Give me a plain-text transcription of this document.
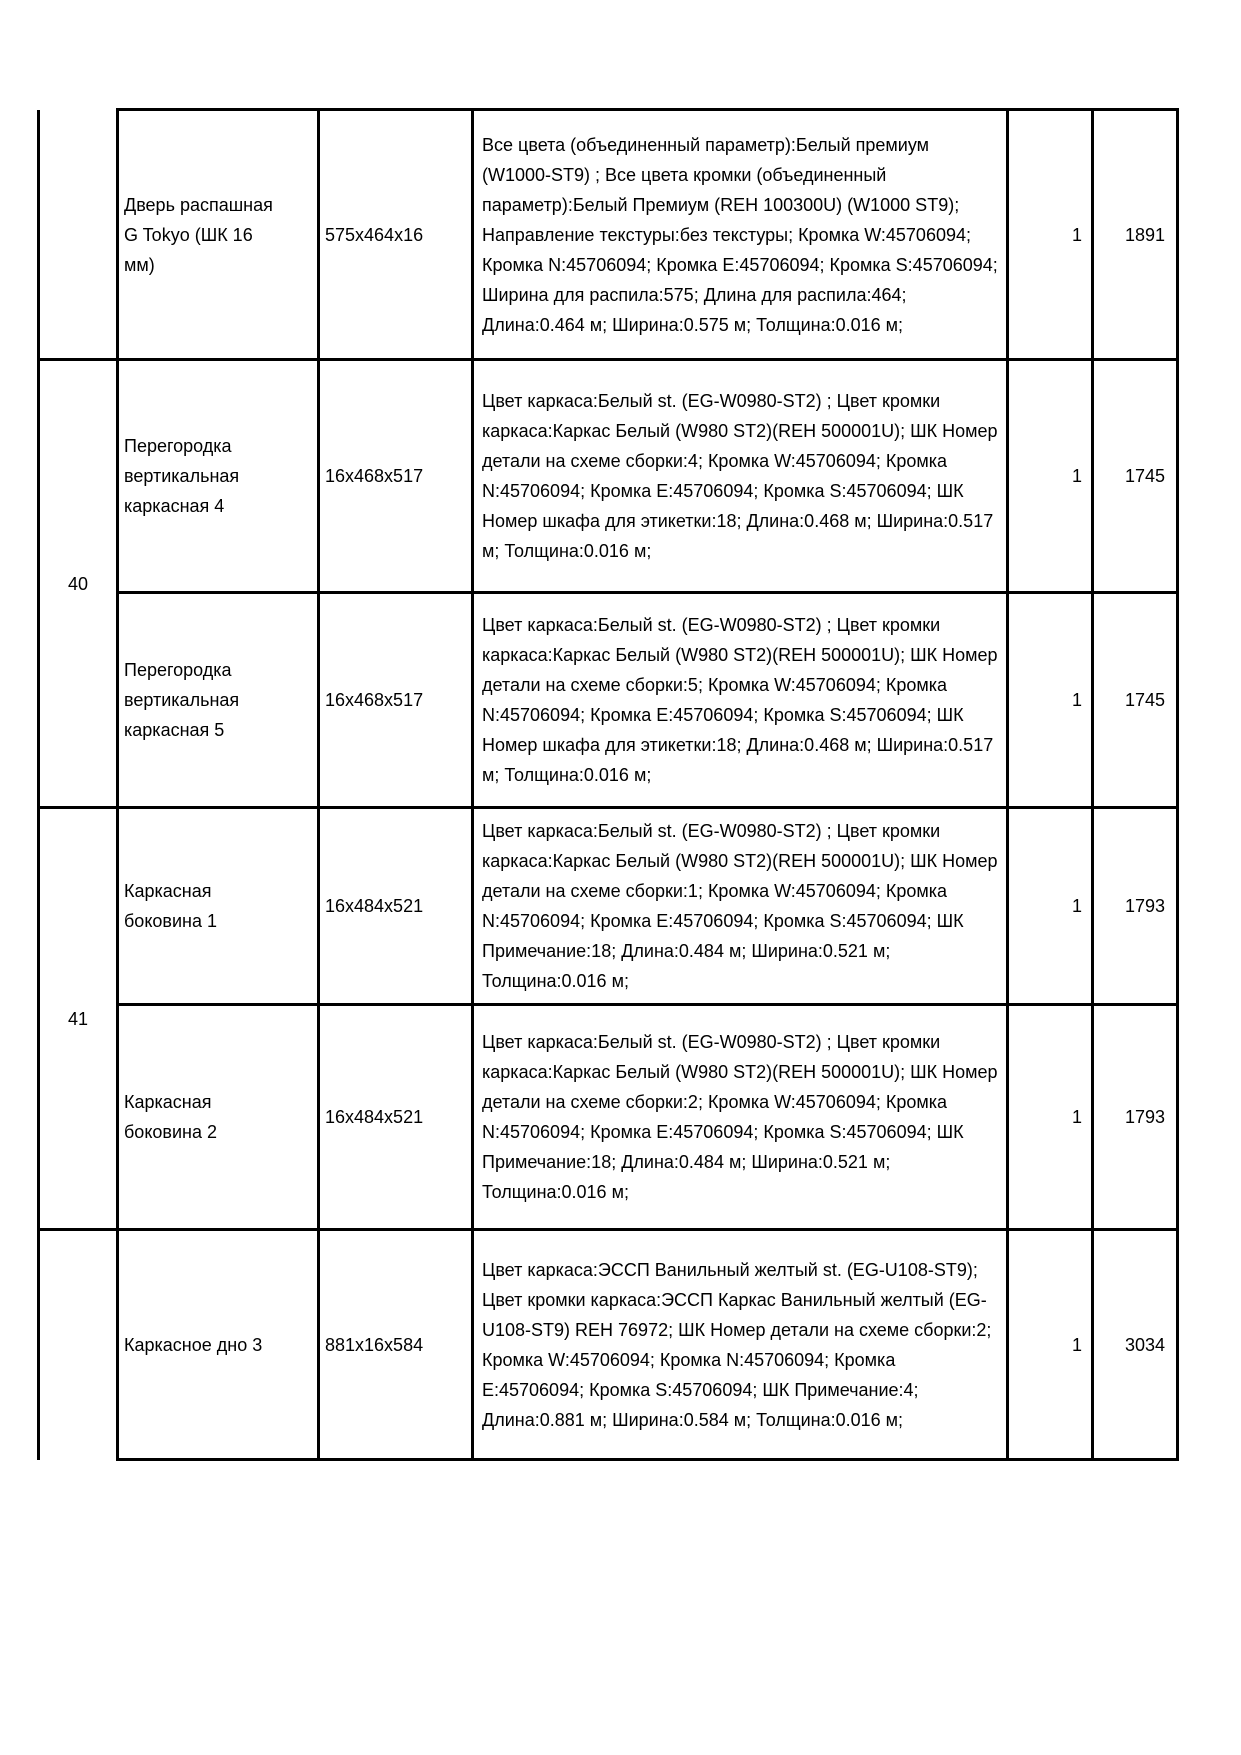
	Дверь распашная G Tokyo (ШК 16 мм)	575x464x16	Все цвета (объединенный параметр):Белый премиум (W1000-ST9) ; Все цвета кромки (объединенный параметр):Белый Премиум (REH 100300U) (W1000 ST9); Направление текстуры:без текстуры; Кромка W:45706094; Кромка N:45706094; Кромка E:45706094; Кромка S:45706094; Ширина для распила:575; Длина для распила:464; Длина:0.464 м; Ширина:0.575 м; Толщина:0.016 м;	1	1891
40	Перегородка вертикальная каркасная 4	16x468x517	Цвет каркаса:Белый st. (EG-W0980-ST2) ; Цвет кромки каркаса:Каркас Белый (W980 ST2)(REH 500001U); ШК Номер детали на схеме сборки:4; Кромка W:45706094; Кромка N:45706094; Кромка E:45706094; Кромка S:45706094; ШК Номер шкафа для этикетки:18; Длина:0.468 м; Ширина:0.517 м; Толщина:0.016 м;	1	1745
	Перегородка вертикальная каркасная 5	16x468x517	Цвет каркаса:Белый st. (EG-W0980-ST2) ; Цвет кромки каркаса:Каркас Белый (W980 ST2)(REH 500001U); ШК Номер детали на схеме сборки:5; Кромка W:45706094; Кромка N:45706094; Кромка E:45706094; Кромка S:45706094; ШК Номер шкафа для этикетки:18; Длина:0.468 м; Ширина:0.517 м; Толщина:0.016 м;	1	1745
41	Каркасная боковина 1	16x484x521	Цвет каркаса:Белый st. (EG-W0980-ST2) ; Цвет кромки каркаса:Каркас Белый (W980 ST2)(REH 500001U); ШК Номер детали на схеме сборки:1; Кромка W:45706094; Кромка N:45706094; Кромка E:45706094; Кромка S:45706094; ШК Примечание:18; Длина:0.484 м; Ширина:0.521 м; Толщина:0.016 м;	1	1793
	Каркасная боковина 2	16x484x521	Цвет каркаса:Белый st. (EG-W0980-ST2) ; Цвет кромки каркаса:Каркас Белый (W980 ST2)(REH 500001U); ШК Номер детали на схеме сборки:2; Кромка W:45706094; Кромка N:45706094; Кромка E:45706094; Кромка S:45706094; ШК Примечание:18; Длина:0.484 м; Ширина:0.521 м; Толщина:0.016 м;	1	1793
	Каркасное дно 3	881x16x584	Цвет каркаса:ЭССП Ванильный желтый st. (EG-U108-ST9); Цвет кромки каркаса:ЭССП Каркас Ванильный желтый (EG-U108-ST9) REH 76972; ШК Номер детали на схеме сборки:2; Кромка W:45706094; Кромка N:45706094; Кромка E:45706094; Кромка S:45706094; ШК Примечание:4; Длина:0.881 м; Ширина:0.584 м; Толщина:0.016 м;	1	3034
